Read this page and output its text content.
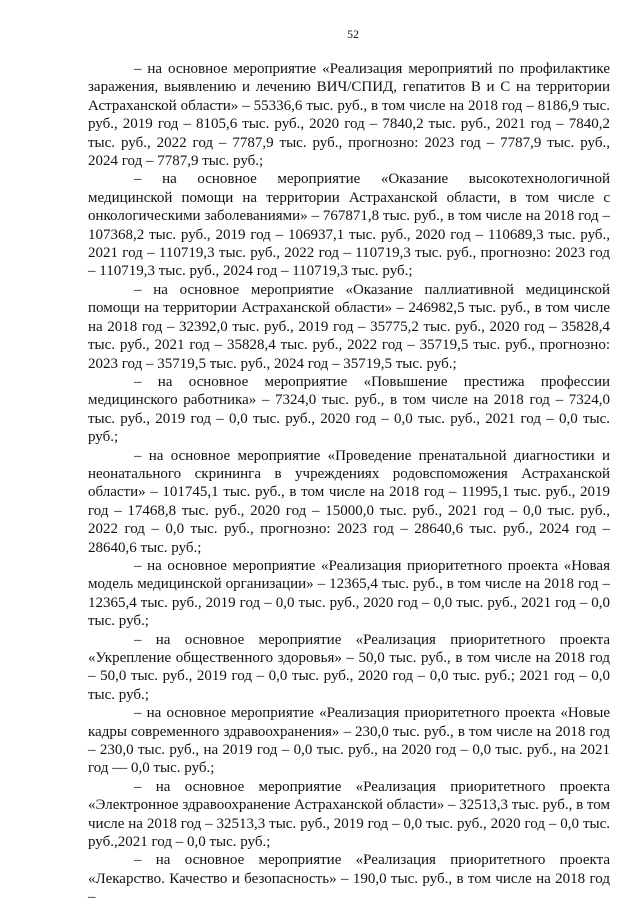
52

– на основное мероприятие «Реализация мероприятий по профилактике заражения, выявлению и лечению ВИЧ/СПИД, гепатитов В и С на территории Астраханской области» – 55336,6 тыс. руб., в том числе на 2018 год – 8186,9 тыс. руб., 2019 год – 8105,6 тыс. руб., 2020 год – 7840,2 тыс. руб., 2021 год – 7840,2 тыс. руб., 2022 год – 7787,9 тыс. руб., прогнозно: 2023 год – 7787,9 тыс. руб., 2024 год – 7787,9 тыс. руб.;

– на основное мероприятие «Оказание высокотехнологичной медицинской помощи на территории Астраханской области, в том числе с онкологическими заболеваниями» – 767871,8 тыс. руб., в том числе на 2018 год – 107368,2 тыс. руб., 2019 год – 106937,1 тыс. руб., 2020 год – 110689,3 тыс. руб., 2021 год – 110719,3 тыс. руб., 2022 год – 110719,3 тыс. руб., прогнозно: 2023 год – 110719,3 тыс. руб., 2024 год – 110719,3 тыс. руб.;

– на основное мероприятие «Оказание паллиативной медицинской помощи на территории Астраханской области» – 246982,5 тыс. руб., в том числе на 2018 год – 32392,0 тыс. руб., 2019 год – 35775,2 тыс. руб., 2020 год – 35828,4 тыс. руб., 2021 год – 35828,4 тыс. руб., 2022 год – 35719,5 тыс. руб., прогнозно: 2023 год – 35719,5 тыс. руб., 2024 год – 35719,5 тыс. руб.;

– на основное мероприятие «Повышение престижа профессии медицинского работника» – 7324,0 тыс. руб., в том числе на 2018 год – 7324,0 тыс. руб., 2019 год – 0,0 тыс. руб., 2020 год – 0,0 тыс. руб., 2021 год – 0,0 тыс. руб.;

– на основное мероприятие «Проведение пренатальной диагностики и неонатального скрининга в учреждениях родовспоможения Астраханской области» – 101745,1 тыс. руб., в том числе на 2018 год – 11995,1 тыс. руб., 2019 год – 17468,8 тыс. руб., 2020 год – 15000,0 тыс. руб., 2021 год – 0,0 тыс. руб., 2022 год – 0,0 тыс. руб., прогнозно: 2023 год – 28640,6 тыс. руб., 2024 год – 28640,6 тыс. руб.;

– на основное мероприятие «Реализация приоритетного проекта «Новая модель медицинской организации» – 12365,4 тыс. руб., в том числе на 2018 год – 12365,4 тыс. руб., 2019 год – 0,0 тыс. руб., 2020 год – 0,0 тыс. руб., 2021 год – 0,0 тыс. руб.;

– на основное мероприятие «Реализация приоритетного проекта «Укрепление общественного здоровья» – 50,0 тыс. руб., в том числе на 2018 год – 50,0 тыс. руб., 2019 год – 0,0 тыс. руб., 2020 год – 0,0 тыс. руб.; 2021 год – 0,0 тыс. руб.;

– на основное мероприятие «Реализация приоритетного проекта «Новые кадры современного здравоохранения» – 230,0 тыс. руб., в том числе на 2018 год – 230,0 тыс. руб., на 2019 год – 0,0 тыс. руб., на 2020 год – 0,0 тыс. руб., на 2021 год — 0,0 тыс. руб.;

– на основное мероприятие «Реализация приоритетного проекта «Электронное здравоохранение Астраханской области» – 32513,3 тыс. руб., в том числе на 2018 год – 32513,3 тыс. руб., 2019 год – 0,0 тыс. руб., 2020 год – 0,0 тыс. руб.,2021 год – 0,0 тыс. руб.;

– на основное мероприятие «Реализация приоритетного проекта «Лекарство. Качество и безопасность» – 190,0 тыс. руб., в том числе на 2018 год –
